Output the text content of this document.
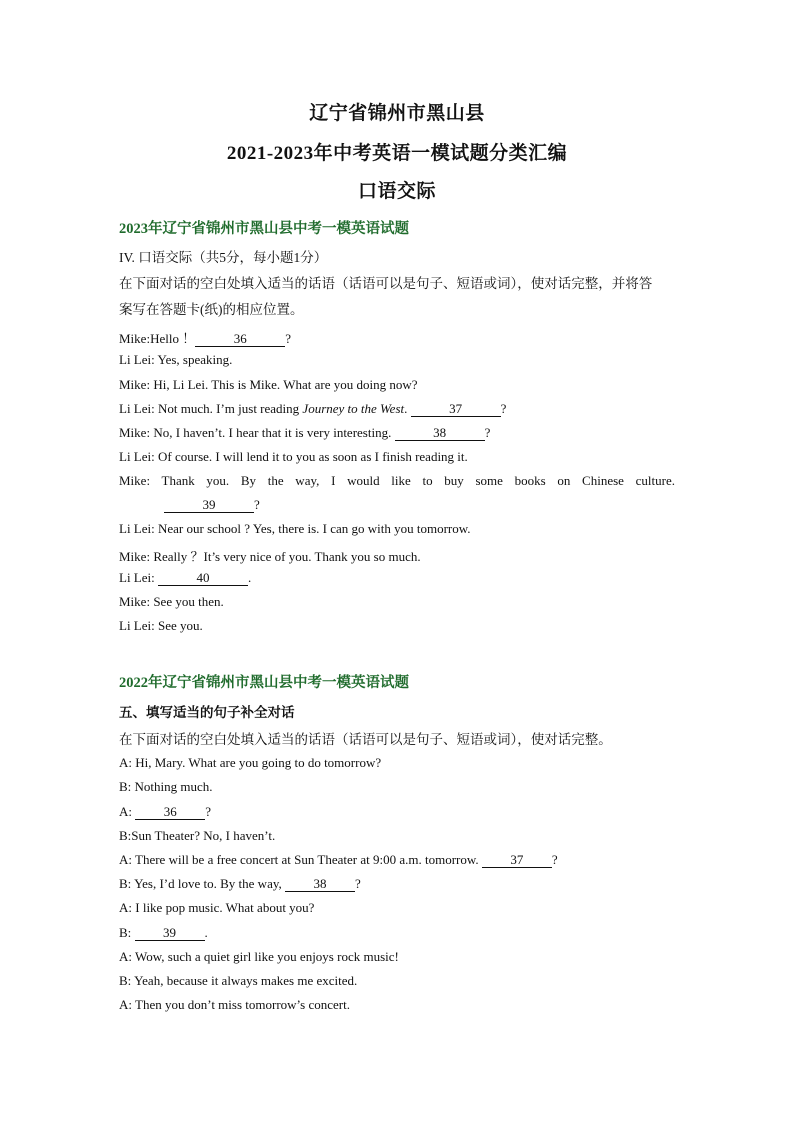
辽宁省锦州市黑山县
2021-2023年中考英语一模试题分类汇编
口语交际
2023年辽宁省锦州市黑山县中考一模英语试题
IV. 口语交际（共5分，每小题1分）
在下面对话的空白处填入适当的话语（话语可以是句子、短语或词），使对话完整，并将答
案写在答题卡(纸)的相应位置。
Mike:Hello ！	36	?
Li Lei: Yes, speaking.
Mike: Hi, Li Lei. This is Mike. What are you doing now?
Li Lei: Not much. I’m just reading Journey to the West.	37	?
Mike: No, I haven’t. I hear that it is very interesting.	38	?
Li Lei: Of course. I will lend it to you as soon as I finish reading it.
Mike: Thank you. By the way, I would like to buy some books on Chinese culture.
39	?
Li Lei: Near our school ? Yes, there is. I can go with you tomorrow.
Mike: Really ？It’s very nice of you. Thank you so much.
Li Lei:	40	.
Mike: See you then.
Li Lei: See you.
2022年辽宁省锦州市黑山县中考一模英语试题
五、填写适当的句子补全对话
在下面对话的空白处填入适当的话语（话语可以是句子、短语或词），使对话完整。
A: Hi, Mary. What are you going to do tomorrow?
B: Nothing much.
A: 36 ?
B:Sun Theater? No, I haven’t.
A: There will be a free concert at Sun Theater at 9:00 a.m. tomorrow. 37 ?
B: Yes, I’d love to. By the way, 38 ?
A: I like pop music. What about you?
B: 39 .
A: Wow, such a quiet girl like you enjoys rock music!
B: Yeah, because it always makes me excited.
A: Then you don’t miss tomorrow’s concert.
